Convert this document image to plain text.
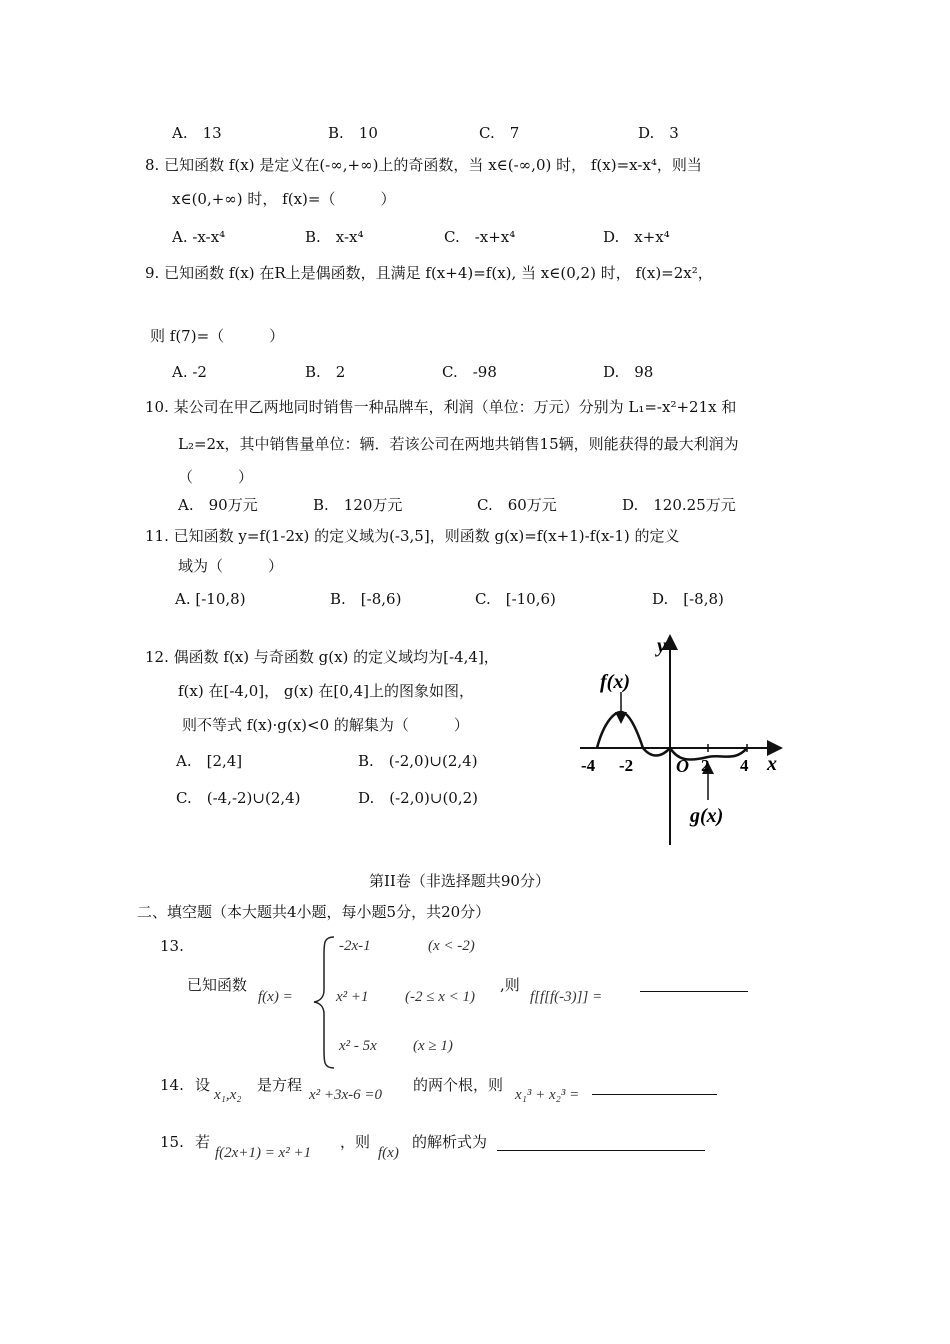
A.　13	B.　10	C.　7	D.　3
8. 已知函数 f(x) 是定义在(-∞,+∞)上的奇函数，当 x∈(-∞,0) 时， f(x)=x-x⁴，则当
x∈(0,+∞) 时， f(x)=（　　　）
A. -x-x⁴	B.　x-x⁴	C.　-x+x⁴	D.　x+x⁴
9. 已知函数 f(x) 在R上是偶函数，且满足 f(x+4)=f(x), 当 x∈(0,2) 时， f(x)=2x²，
则 f(7)=（　　　）
A. -2	B.　2	C.　-98	D.　98
10. 某公司在甲乙两地同时销售一种品牌车，利润（单位：万元）分别为 L₁=-x²+21x 和
L₂=2x，其中销售量单位：辆．若该公司在两地共销售15辆，则能获得的最大利润为
（　　　）
A.　90万元	B.　120万元	C.　60万元	D.　120.25万元
11. 已知函数 y=f(1-2x) 的定义域为(-3,5]，则函数 g(x)=f(x+1)-f(x-1) 的定义
域为（　　　）
A. [-10,8)	B.　[-8,6)	C.　[-10,6)	D.　[-8,8)
12. 偶函数 f(x) 与奇函数 g(x) 的定义域均为[-4,4]，
f(x) 在[-4,0]， g(x) 在[0,4]上的图象如图，
则不等式 f(x)·g(x)<0 的解集为（　　　）
A.　[2,4]	B.　(-2,0)∪(2,4)
C.　(-4,-2)∪(2,4)	D.　(-2,0)∪(0,2)
y
x
f(x)
g(x)
O
-4 -2	2 4
第II卷（非选择题共90分）
二、填空题（本大题共4小题，每小题5分，共20分）
13.
已知函数
f(x) =
-2x-1	(x < -2)
x² +1 (-2 ≤ x < 1)
,则
f[f[f(-3)]] =
x² - 5x (x ≥ 1)
14. 设
x₁,x₂
是方程
x² +3x-6 =0
的两个根，则
x₁³ + x₂³ =
15. 若
f(2x+1) = x² +1
，则
f(x)
的解析式为
